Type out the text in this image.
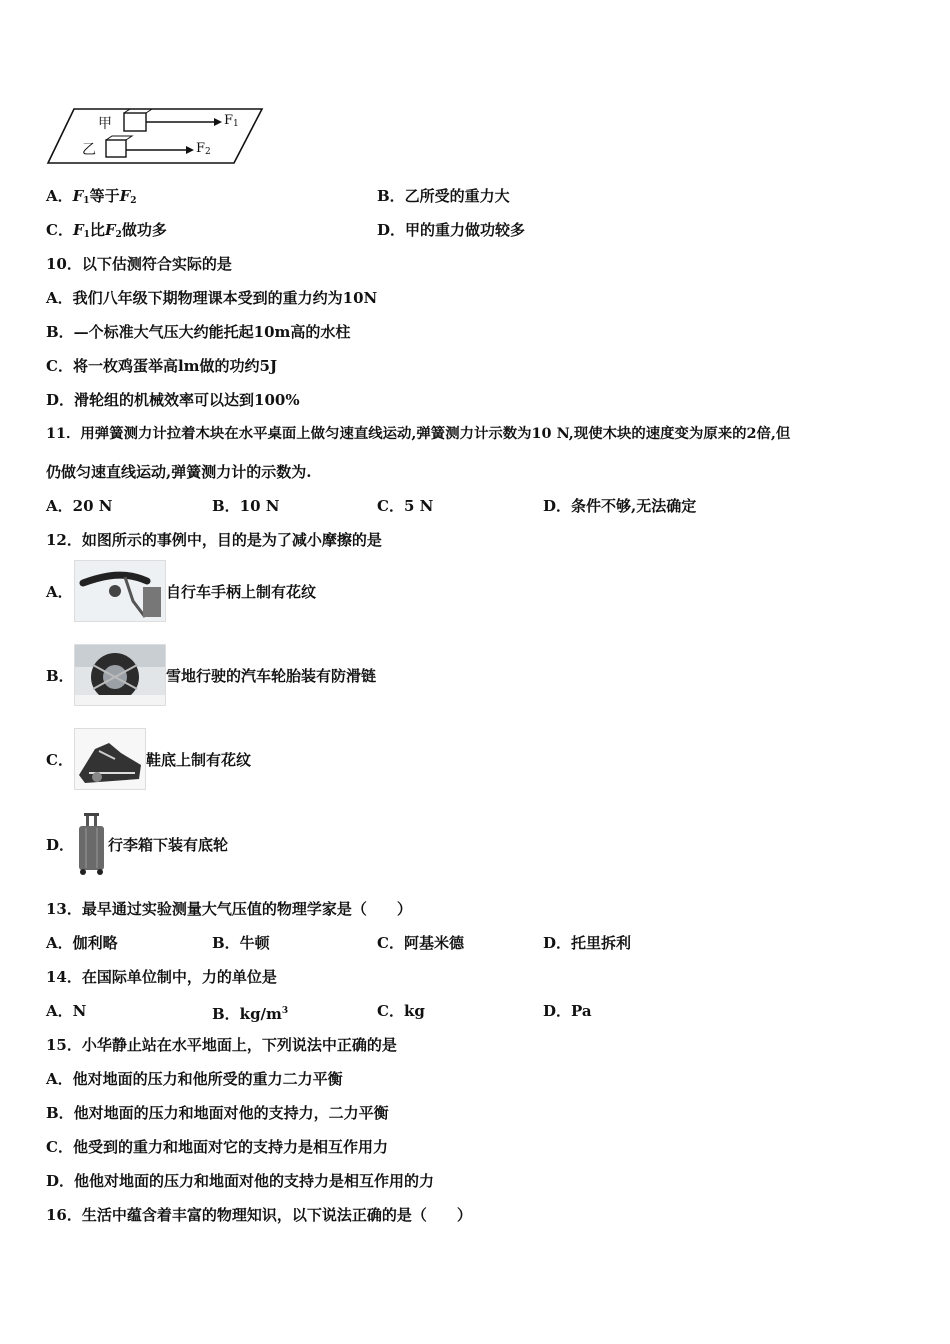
甲
乙
$F_1$
$F_2$
A．$F_1$等于$F_2$	B．乙所受的重力大
C．$F_1$比$F_2$做功多	D．甲的重力做功较多
10．以下估测符合实际的是
A．我们八年级下期物理课本受到的重力约为10N
B．—个标准大气压大约能托起10m高的水柱
C．将一枚鸡蛋举高lm做的功约5J
D．滑轮组的机械效率可以达到100%
11．用弹簧测力计拉着木块在水平桌面上做匀速直线运动,弹簧测力计示数为10 N,现使木块的速度变为原来的2倍,但
仍做匀速直线运动,弹簧测力计的示数为.
A．20 N	B．10 N	C．5 N	D．条件不够,无法确定
12．如图所示的事例中，目的是为了减小摩擦的是
A．	自行车手柄上制有花纹
B．	雪地行驶的汽车轮胎装有防滑链
C．	鞋底上制有花纹
D． 行李箱下装有底轮
13．最早通过实验测量大气压值的物理学家是（　　）
A．伽利略	B．牛顿	C．阿基米德	D．托里拆利
14．在国际单位制中，力的单位是
A．N	B．$kg/m^3$	C．kg	D．Pa
15．小华静止站在水平地面上，下列说法中正确的是
A．他对地面的压力和他所受的重力二力平衡
B．他对地面的压力和地面对他的支持力，二力平衡
C．他受到的重力和地面对它的支持力是相互作用力
D．他他对地面的压力和地面对他的支持力是相互作用的力
16．生活中蕴含着丰富的物理知识，以下说法正确的是（　　）
